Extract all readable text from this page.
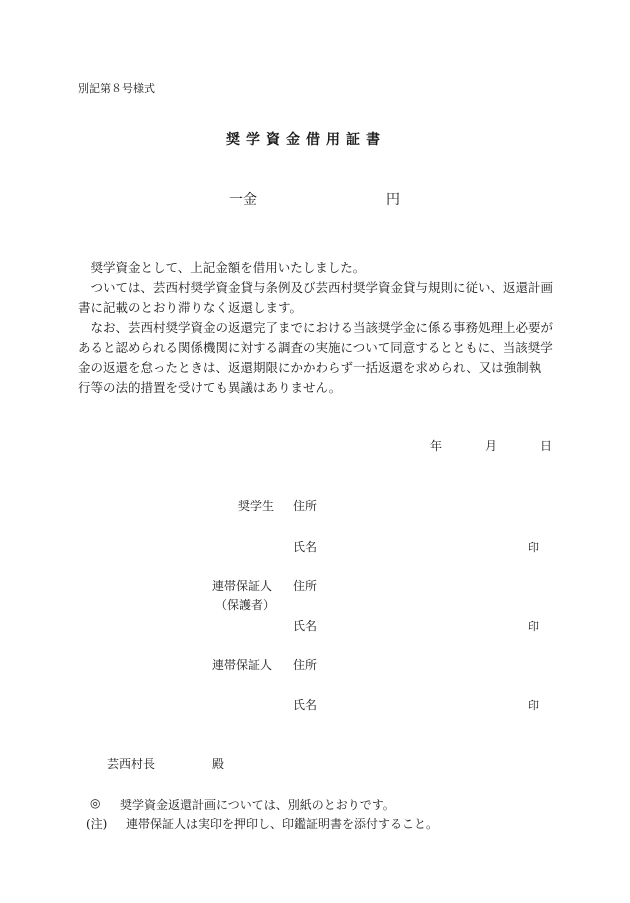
別記第８号様式
奨学資金借用証書
一金	円

奨学資金として、上記金額を借用いたしました。

ついては、芸西村奨学資金貸与条例及び芸西村奨学資金貸与規則に従い、返還計画書に記載のとおり滞りなく返還します。

なお、芸西村奨学資金の返還完了までにおける当該奨学金に係る事務処理上必要があると認められる関係機関に対する調査の実施について同意するとともに、当該奨学金の返還を怠ったときは、返還期限にかかわらず一括返還を求められ、又は強制執行等の法的措置を受けても異議はありません。

年	月	日
奨学生 住所
氏名	印
連帯保証人
（保護者）
住所
氏名	印
連帯保証人 住所
氏名	印
芸西村長	殿
◎ 奨学資金返還計画については、別紙のとおりです。
(注) 連帯保証人は実印を押印し、印鑑証明書を添付すること。
